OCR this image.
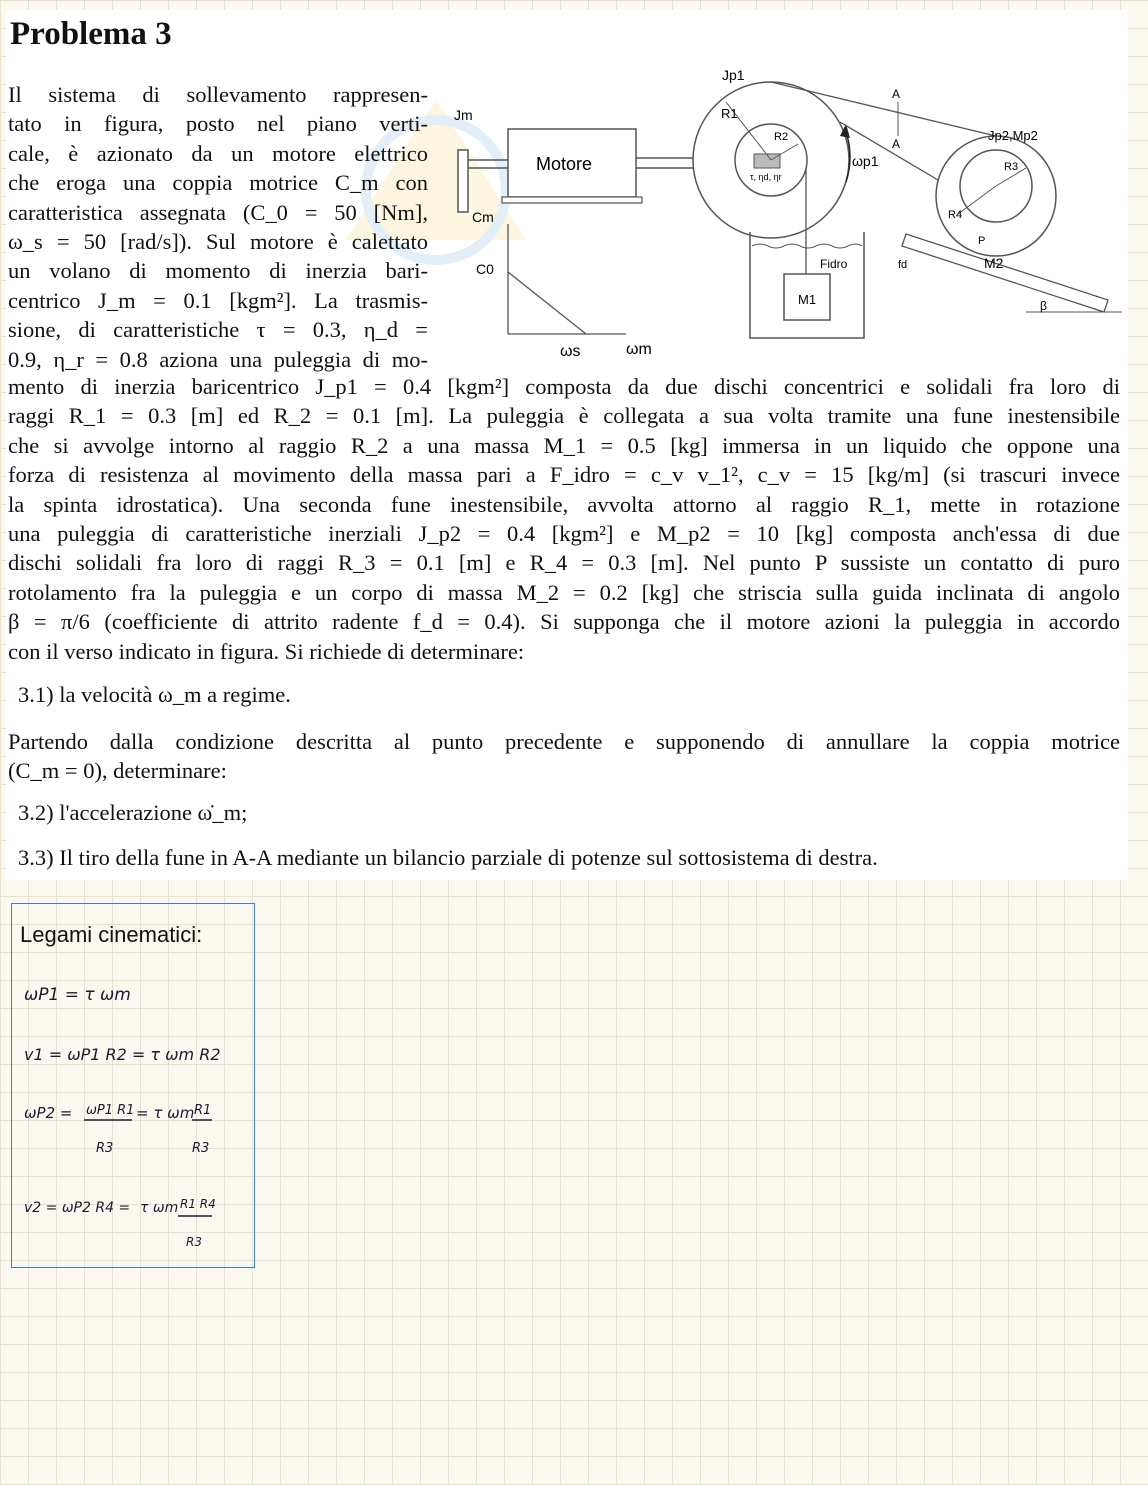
Problema 3
Il sistema di sollevamento rappresen-
tato in figura, posto nel piano verti-
cale, è azionato da un motore elettrico
che eroga una coppia motrice C_m con
caratteristica assegnata (C_0 = 50 [Nm],
ω_s = 50 [rad/s]). Sul motore è calettato
un volano di momento di inerzia bari-
centrico J_m = 0.1 [kgm²]. La trasmis-
sione, di caratteristiche τ = 0.3, η_d =
0.9, η_r = 0.8 aziona una puleggia di mo-
mento di inerzia baricentrico J_p1 = 0.4 [kgm²] composta da due dischi concentrici e solidali fra loro di
raggi R_1 = 0.3 [m] ed R_2 = 0.1 [m]. La puleggia è collegata a sua volta tramite una fune inestensibile
che si avvolge intorno al raggio R_2 a una massa M_1 = 0.5 [kg] immersa in un liquido che oppone una
forza di resistenza al movimento della massa pari a F_idro = c_v v_1², c_v = 15 [kg/m] (si trascuri invece
la spinta idrostatica). Una seconda fune inestensibile, avvolta attorno al raggio R_1, mette in rotazione
una puleggia di caratteristiche inerziali J_p2 = 0.4 [kgm²] e M_p2 = 10 [kg] composta anch'essa di due
dischi solidali fra loro di raggi R_3 = 0.1 [m] e R_4 = 0.3 [m]. Nel punto P sussiste un contatto di puro
rotolamento fra la puleggia e un corpo di massa M_2 = 0.2 [kg] che striscia sulla guida inclinata di angolo
β = π/6 (coefficiente di attrito radente f_d = 0.4). Si supponga che il motore azioni la puleggia in accordo
con il verso indicato in figura. Si richiede di determinare:
3.1) la velocità ω_m a regime.
Partendo dalla condizione descritta al punto precedente e supponendo di annullare la coppia motrice
(C_m = 0), determinare:
3.2) l'accelerazione ω̇_m;
3.3) Il tiro della fune in A-A mediante un bilancio parziale di potenze sul sottosistema di destra.
Jm
Motore
Jp1
R1
R2
τ, ηd, ηr
ωp1
A
A
Jp2,Mp2
R3
R4
P
M2
fd
β
M1
Fidro
Cm
C0
ωs	ωm
Legami cinematici:
ωP1 = τ ωm
v1 = ωP1 R2 = τ ωm R2
ωP2 = ωP1 R1
R3
= τ ωm R1
R3
v2 = ωP2 R4 = τ ωm R1 R4
R3
